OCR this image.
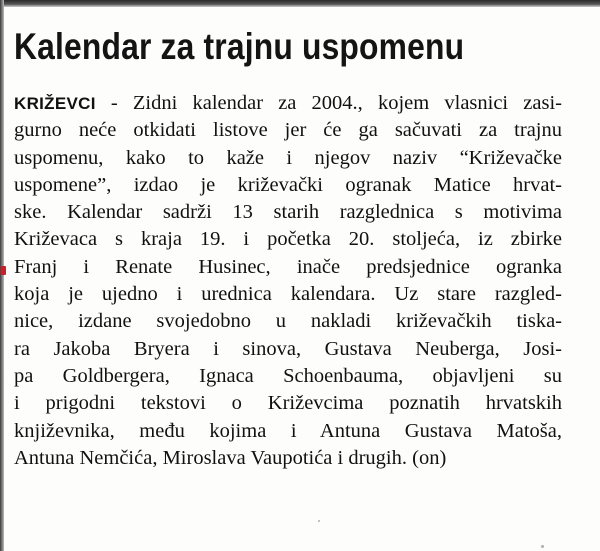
Kalendar za trajnu uspomenu
KRIŽEVCI - Zidni kalendar za 2004., kojem vlasnici zasi-
gurno neće otkidati listove jer će ga sačuvati za trajnu
uspomenu, kako to kaže i njegov naziv “Križevačke
uspomene”, izdao je križevački ogranak Matice hrvat-
ske. Kalendar sadrži 13 starih razglednica s motivima
Križevaca s kraja 19. i početka 20. stoljeća, iz zbirke
Franj i Renate Husinec, inače predsjednice ogranka
koja je ujedno i urednica kalendara. Uz stare razgled-
nice, izdane svojedobno u nakladi križevačkih tiska-
ra Jakoba Bryera i sinova, Gustava Neuberga, Josi-
pa Goldbergera, Ignaca Schoenbauma, objavljeni su
i prigodni tekstovi o Križevcima poznatih hrvatskih
književnika, među kojima i Antuna Gustava Matoša,
Antuna Nemčića, Miroslava Vaupotića i drugih. (on)
